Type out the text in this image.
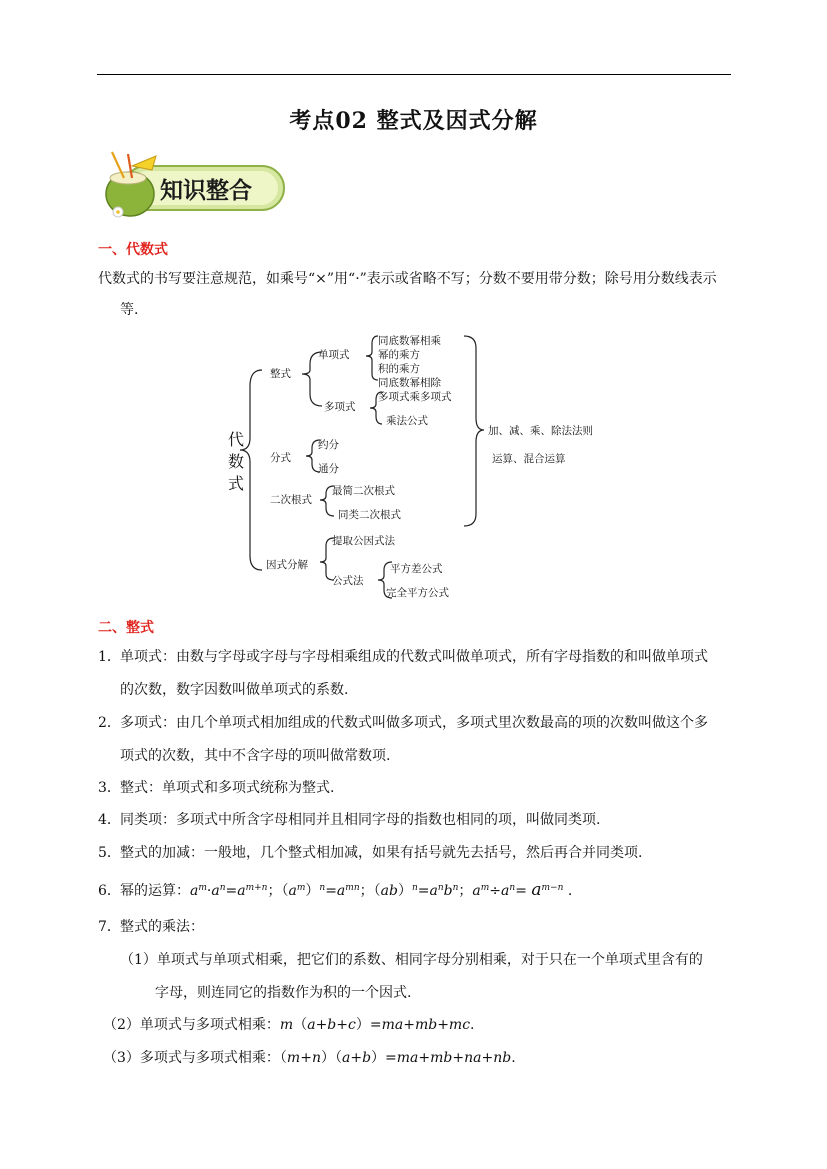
考点02 整式及因式分解
知识整合
一、代数式
代数式的书写要注意规范，如乘号“×”用“·”表示或省略不写；分数不要用带分数；除号用分数线表示
等.
代
数
式
整式
单项式
同底数幂相乘
幂的乘方
积的乘方
同底数幂相除
多项式
多项式乘多项式
乘法公式
分式
约分
通分
二次根式
最简二次根式
同类二次根式
因式分解
提取公因式法
公式法
平方差公式
完全平方公式
加、减、乘、除法法则
运算、混合运算
二、整式
1．单项式：由数与字母或字母与字母相乘组成的代数式叫做单项式，所有字母指数的和叫做单项式
的次数，数字因数叫做单项式的系数.
2．多项式：由几个单项式相加组成的代数式叫做多项式，多项式里次数最高的项的次数叫做这个多
项式的次数，其中不含字母的项叫做常数项.
3．整式：单项式和多项式统称为整式.
4．同类项：多项式中所含字母相同并且相同字母的指数也相同的项，叫做同类项.
5．整式的加减：一般地，几个整式相加减，如果有括号就先去括号，然后再合并同类项.
6．幂的运算：$a^m\cdot a^n=a^{m+n}$；$(a^m)^n=a^{mn}$；$(ab)^n=a^nb^n$；$a^m\div a^n= a^{m-n}$ .
7．整式的乘法：
（1）单项式与单项式相乘，把它们的系数、相同字母分别相乘，对于只在一个单项式里含有的
字母，则连同它的指数作为积的一个因式.
（2）单项式与多项式相乘：m（a+b+c）=ma+mb+mc.
（3）多项式与多项式相乘：（m+n）（a+b）=ma+mb+na+nb.
